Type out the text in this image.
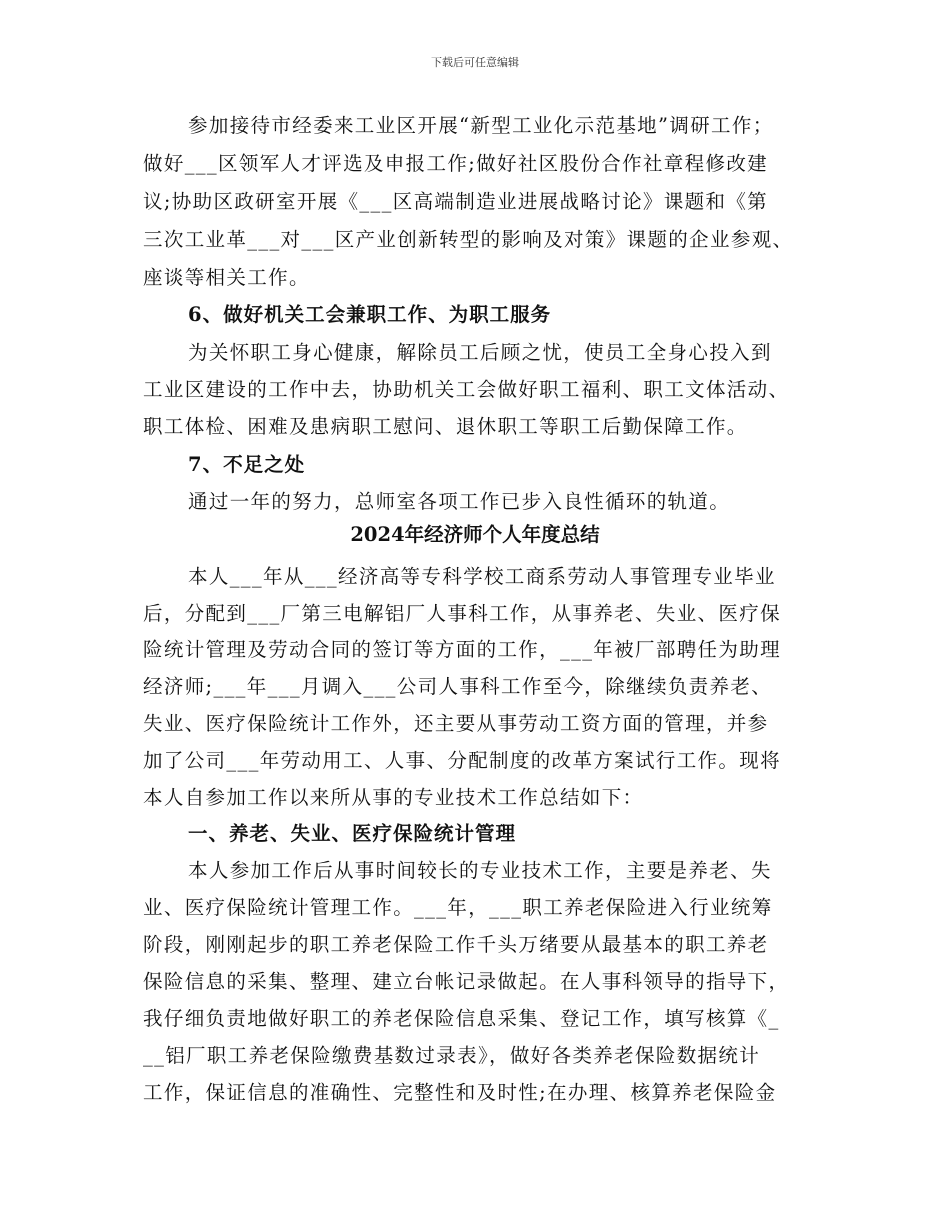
下载后可任意编辑
参加接待市经委来工业区开展“新型工业化示范基地”调研工作；
做好___区领军人才评选及申报工作;做好社区股份合作社章程修改建
议;协助区政研室开展《___区高端制造业进展战略讨论》课题和《第
三次工业革___对___区产业创新转型的影响及对策》课题的企业参观、
座谈等相关工作。
6、做好机关工会兼职工作、为职工服务
为关怀职工身心健康，解除员工后顾之忧，使员工全身心投入到
工业区建设的工作中去，协助机关工会做好职工福利、职工文体活动、
职工体检、困难及患病职工慰问、退休职工等职工后勤保障工作。
7、不足之处
通过一年的努力，总师室各项工作已步入良性循环的轨道。
2024年经济师个人年度总结
本人___年从___经济高等专科学校工商系劳动人事管理专业毕业
后，分配到___厂第三电解铝厂人事科工作，从事养老、失业、医疗保
险统计管理及劳动合同的签订等方面的工作，___年被厂部聘任为助理
经济师;___年___月调入___公司人事科工作至今，除继续负责养老、
失业、医疗保险统计工作外，还主要从事劳动工资方面的管理，并参
加了公司___年劳动用工、人事、分配制度的改革方案试行工作。现将
本人自参加工作以来所从事的专业技术工作总结如下：
一、养老、失业、医疗保险统计管理
本人参加工作后从事时间较长的专业技术工作，主要是养老、失
业、医疗保险统计管理工作。___年，___职工养老保险进入行业统筹
阶段，刚刚起步的职工养老保险工作千头万绪要从最基本的职工养老
保险信息的采集、整理、建立台帐记录做起。在人事科领导的指导下，
我仔细负责地做好职工的养老保险信息采集、登记工作，填写核算《_
__铝厂职工养老保险缴费基数过录表》，做好各类养老保险数据统计
工作，保证信息的准确性、完整性和及时性;在办理、核算养老保险金
